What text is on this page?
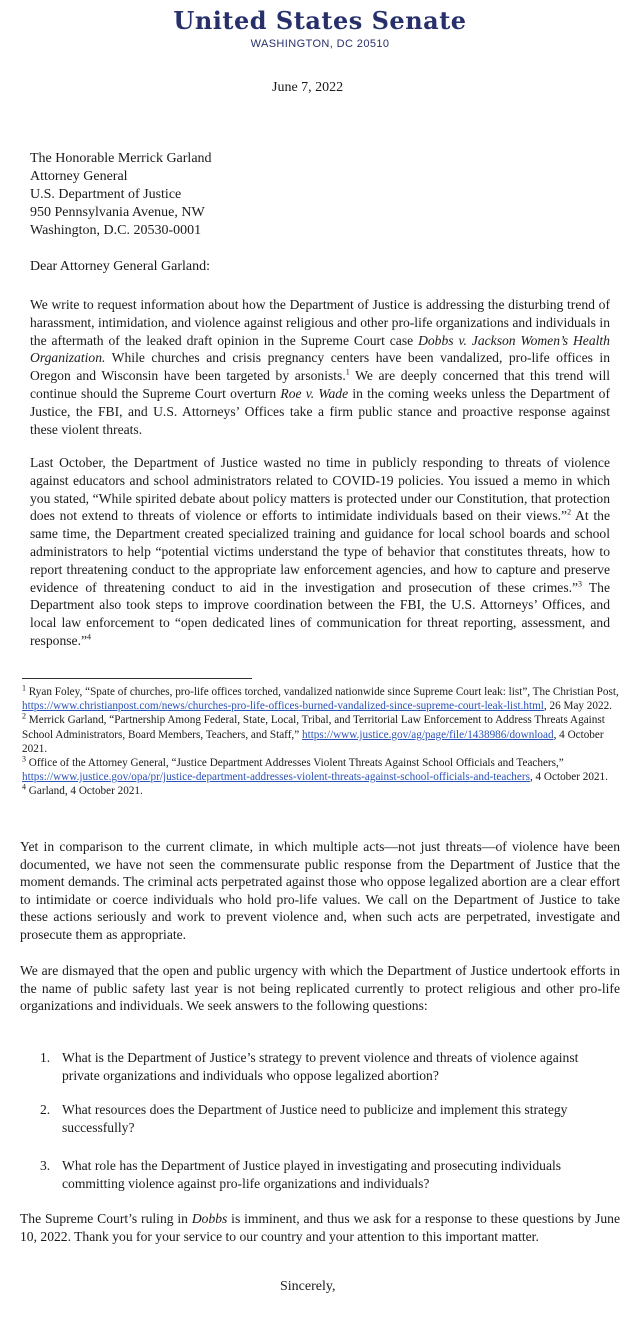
United States Senate
WASHINGTON, DC 20510
June 7, 2022
The Honorable Merrick Garland
Attorney General
U.S. Department of Justice
950 Pennsylvania Avenue, NW
Washington, D.C. 20530-0001
Dear Attorney General Garland:
We write to request information about how the Department of Justice is addressing the disturbing trend of harassment, intimidation, and violence against religious and other pro-life organizations and individuals in the aftermath of the leaked draft opinion in the Supreme Court case Dobbs v. Jackson Women’s Health Organization. While churches and crisis pregnancy centers have been vandalized, pro-life offices in Oregon and Wisconsin have been targeted by arsonists.$^1$ We are deeply concerned that this trend will continue should the Supreme Court overturn Roe v. Wade in the coming weeks unless the Department of Justice, the FBI, and U.S. Attorneys’ Offices take a firm public stance and proactive response against these violent threats.
Last October, the Department of Justice wasted no time in publicly responding to threats of violence against educators and school administrators related to COVID-19 policies. You issued a memo in which you stated, “While spirited debate about policy matters is protected under our Constitution, that protection does not extend to threats of violence or efforts to intimidate individuals based on their views.”$^2$ At the same time, the Department created specialized training and guidance for local school boards and school administrators to help “potential victims understand the type of behavior that constitutes threats, how to report threatening conduct to the appropriate law enforcement agencies, and how to capture and preserve evidence of threatening conduct to aid in the investigation and prosecution of these crimes.”$^3$ The Department also took steps to improve coordination between the FBI, the U.S. Attorneys’ Offices, and local law enforcement to “open dedicated lines of communication for threat reporting, assessment, and response.”$^4$

$^1$ Ryan Foley, “Spate of churches, pro-life offices torched, vandalized nationwide since Supreme Court leak: list”, The Christian Post, https://www.christianpost.com/news/churches-pro-life-offices-burned-vandalized-since-supreme-court-leak-list.html, 26 May 2022.

$^2$ Merrick Garland, “Partnership Among Federal, State, Local, Tribal, and Territorial Law Enforcement to Address Threats Against School Administrators, Board Members, Teachers, and Staff,” https://www.justice.gov/ag/page/file/1438986/download, 4 October 2021.

$^3$ Office of the Attorney General, “Justice Department Addresses Violent Threats Against School Officials and Teachers,” https://www.justice.gov/opa/pr/justice-department-addresses-violent-threats-against-school-officials-and-teachers, 4 October 2021.

$^4$ Garland, 4 October 2021.

Yet in comparison to the current climate, in which multiple acts—not just threats—of violence have been documented, we have not seen the commensurate public response from the Department of Justice that the moment demands. The criminal acts perpetrated against those who oppose legalized abortion are a clear effort to intimidate or coerce individuals who hold pro-life values. We call on the Department of Justice to take these actions seriously and work to prevent violence and, when such acts are perpetrated, investigate and prosecute them as appropriate.
We are dismayed that the open and public urgency with which the Department of Justice undertook efforts in the name of public safety last year is not being replicated currently to protect religious and other pro-life organizations and individuals. We seek answers to the following questions:
1. What is the Department of Justice’s strategy to prevent violence and threats of violence against private organizations and individuals who oppose legalized abortion?
2. What resources does the Department of Justice need to publicize and implement this strategy successfully?
3. What role has the Department of Justice played in investigating and prosecuting individuals committing violence against pro-life organizations and individuals?
The Supreme Court’s ruling in Dobbs is imminent, and thus we ask for a response to these questions by June 10, 2022. Thank you for your service to our country and your attention to this important matter.
Sincerely,
